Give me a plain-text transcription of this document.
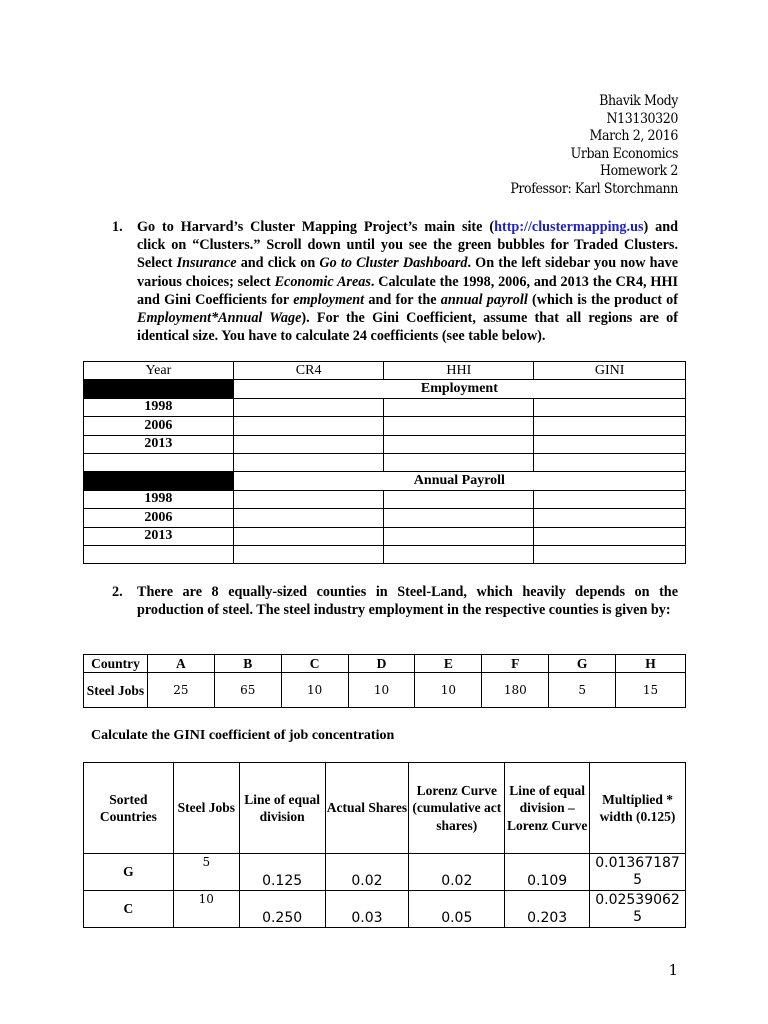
Bhavik Mody
N13130320
March 2, 2016
Urban Economics
Homework 2
Professor: Karl Storchmann
1. Go to Harvard’s Cluster Mapping Project’s main site (http://clustermapping.us) and click on “Clusters.” Scroll down until you see the green bubbles for Traded Clusters. Select Insurance and click on Go to Cluster Dashboard. On the left sidebar you now have various choices; select Economic Areas. Calculate the 1998, 2006, and 2013 the CR4, HHI and Gini Coefficients for employment and for the annual payroll (which is the product of Employment*Annual Wage). For the Gini Coefficient, assume that all regions are of identical size. You have to calculate 24 coefficients (see table below).
Year	CR4	HHI	GINI
	Employment		
1998			
2006			
2013			

	Annual Payroll		
1998			
2006			
2013			

2. There are 8 equally-sized counties in Steel-Land, which heavily depends on the production of steel. The steel industry employment in the respective counties is given by:
Country	A	B	C	D	E	F	G	H
Steel Jobs	25	65	10	10	10	180	5	15
Calculate the GINI coefficient of job concentration
Sorted Countries	Steel Jobs	Line of equal division	Actual Shares	Lorenz Curve (cumulative act shares)	Line of equal division – Lorenz Curve	Multiplied * width (0.125)
G	5	0.125	0.02	0.02	0.109	0.013671875
C	10	0.250	0.03	0.05	0.203	0.025390625
1
